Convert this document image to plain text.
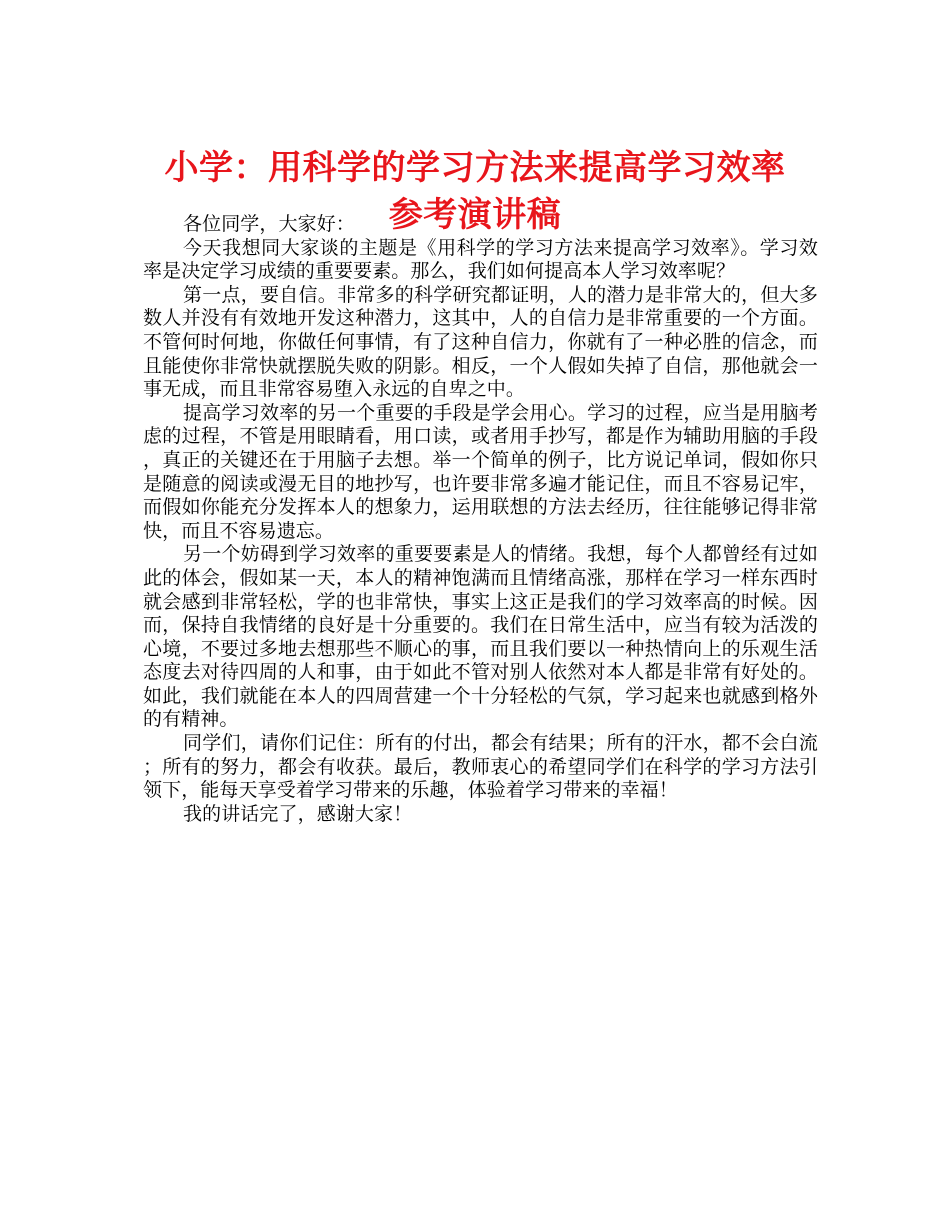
小学：用科学的学习方法来提高学习效率
参考演讲稿

各位同学，大家好：

今天我想同大家谈的主题是《用科学的学习方法来提高学习效率》。学习效率是决定学习成绩的重要要素。那么，我们如何提高本人学习效率呢？

第一点，要自信。非常多的科学研究都证明，人的潜力是非常大的，但大多数人并没有有效地开发这种潜力，这其中，人的自信力是非常重要的一个方面。不管何时何地，你做任何事情，有了这种自信力，你就有了一种必胜的信念，而且能使你非常快就摆脱失败的阴影。相反，一个人假如失掉了自信，那他就会一事无成，而且非常容易堕入永远的自卑之中。

提高学习效率的另一个重要的手段是学会用心。学习的过程，应当是用脑考虑的过程，不管是用眼睛看，用口读，或者用手抄写，都是作为辅助用脑的手段，真正的关键还在于用脑子去想。举一个简单的例子，比方说记单词，假如你只是随意的阅读或漫无目的地抄写，也许要非常多遍才能记住，而且不容易记牢，而假如你能充分发挥本人的想象力，运用联想的方法去经历，往往能够记得非常快，而且不容易遗忘。

另一个妨碍到学习效率的重要要素是人的情绪。我想，每个人都曾经有过如此的体会，假如某一天，本人的精神饱满而且情绪高涨，那样在学习一样东西时就会感到非常轻松，学的也非常快，事实上这正是我们的学习效率高的时候。因而，保持自我情绪的良好是十分重要的。我们在日常生活中，应当有较为活泼的心境，不要过多地去想那些不顺心的事，而且我们要以一种热情向上的乐观生活态度去对待四周的人和事，由于如此不管对别人依然对本人都是非常有好处的。如此，我们就能在本人的四周营建一个十分轻松的气氛，学习起来也就感到格外的有精神。

同学们，请你们记住：所有的付出，都会有结果；所有的汗水，都不会白流；所有的努力，都会有收获。最后，教师衷心的希望同学们在科学的学习方法引领下，能每天享受着学习带来的乐趣，体验着学习带来的幸福！

我的讲话完了，感谢大家！
